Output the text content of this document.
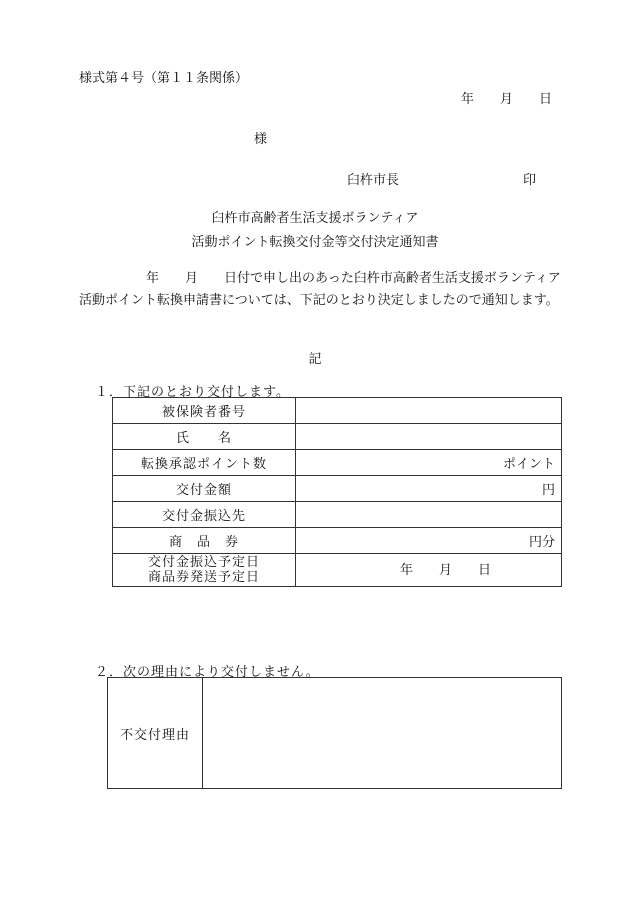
様式第４号（第１１条関係）
年　　月　　日
様
臼杵市長	印
臼杵市高齢者生活支援ボランティア
活動ポイント転換交付金等交付決定通知書
年　　月　　日付で申し出のあった臼杵市高齢者生活支援ボランティア活動ポイント転換申請書については、下記のとおり決定しましたので通知します。
記
１．下記のとおり交付します。
被保険者番号	
氏　　名	
転換承認ポイント数	ポイント
交付金額	円
交付金振込先	
商　品　券	円分

交付金振込予定日
商品券発送予定日	年　　月　　日
２．次の理由により交付しません。
不交付理由	
